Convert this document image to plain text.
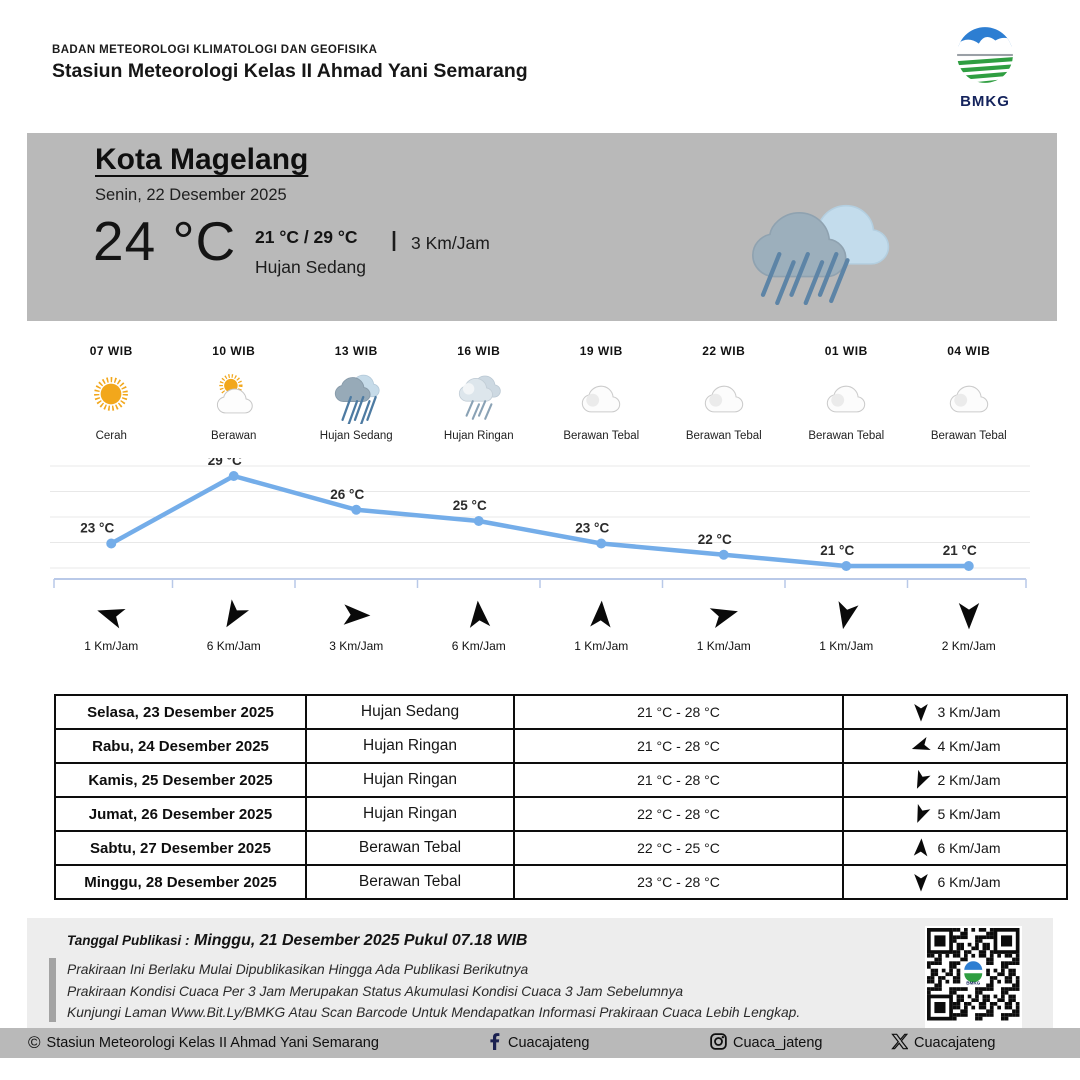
BADAN METEOROLOGI KLIMATOLOGI DAN GEOFISIKA
Stasiun Meteorologi Kelas II Ahmad Yani Semarang
BMKG
Kota Magelang
Senin, 22 Desember 2025
24 °C 21 °C / 29 °C
Hujan Sedang
3 Km/Jam
07 WIB
Cerah
10 WIB
Berawan
13 WIB
Hujan Sedang
16 WIB
Hujan Ringan
19 WIB
Berawan Tebal
22 WIB
Berawan Tebal
01 WIB
Berawan Tebal
04 WIB
Berawan Tebal
23 °C
29 °C
26 °C
25 °C
23 °C
22 °C
21 °C	21 °C
1 Km/Jam	6 Km/Jam	3 Km/Jam	6 Km/Jam	1 Km/Jam	1 Km/Jam	1 Km/Jam	2 Km/Jam
Selasa, 23 Desember 2025	Hujan Sedang	21 °C - 28 °C	3 Km/Jam

Rabu, 24 Desember 2025	Hujan Ringan	21 °C - 28 °C	4 Km/Jam

Kamis, 25 Desember 2025	Hujan Ringan	21 °C - 28 °C	2 Km/Jam

Jumat, 26 Desember 2025	Hujan Ringan	22 °C - 28 °C	5 Km/Jam

Sabtu, 27 Desember 2025	Berawan Tebal	22 °C - 25 °C	6 Km/Jam

Minggu, 28 Desember 2025	Berawan Tebal	23 °C - 28 °C	6 Km/Jam
Tanggal Publikasi : Minggu, 21 Desember 2025 Pukul 07.18 WIB
Prakiraan Ini Berlaku Mulai Dipublikasikan Hingga Ada Publikasi Berikutnya
Prakiraan Kondisi Cuaca Per 3 Jam Merupakan Status Akumulasi Kondisi Cuaca 3 Jam Sebelumnya
Kunjungi Laman Www.Bit.Ly/BMKG Atau Scan Barcode Untuk Mendapatkan Informasi Prakiraan Cuaca Lebih Lengkap.
BMKG
© Stasiun Meteorologi Kelas II Ahmad Yani Semarang	Cuacajateng	Cuaca_jateng	Cuacajateng
